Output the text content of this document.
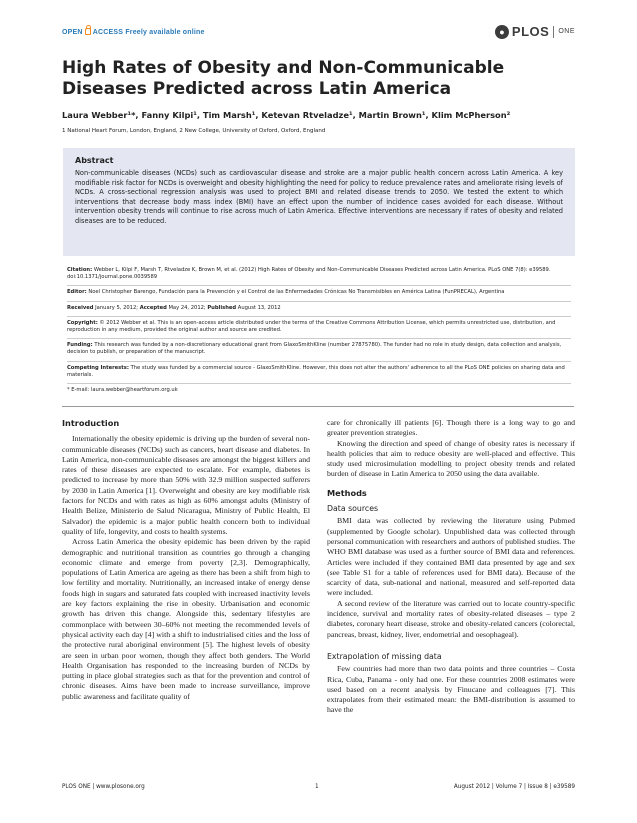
OPEN ACCESS Freely available online	● PLOS ONE
High Rates of Obesity and Non-Communicable Diseases Predicted across Latin America
Laura Webber¹*, Fanny Kilpi¹, Tim Marsh¹, Ketevan Rtveladze¹, Martin Brown¹, Klim McPherson²
1 National Heart Forum, London, England, 2 New College, University of Oxford, Oxford, England
Abstract

Non-communicable diseases (NCDs) such as cardiovascular disease and stroke are a major public health concern across Latin America. A key modifiable risk factor for NCDs is overweight and obesity highlighting the need for policy to reduce prevalence rates and ameliorate rising levels of NCDs. A cross-sectional regression analysis was used to project BMI and related disease trends to 2050. We tested the extent to which interventions that decrease body mass index (BMI) have an effect upon the number of incidence cases avoided for each disease. Without intervention obesity trends will continue to rise across much of Latin America. Effective interventions are necessary if rates of obesity and related diseases are to be reduced.

Citation: Webber L, Kilpi F, Marsh T, Rtveladze K, Brown M, et al. (2012) High Rates of Obesity and Non-Communicable Diseases Predicted across Latin America. PLoS ONE 7(8): e39589. doi:10.1371/journal.pone.0039589
Editor: Noel Christopher Barengo, Fundación para la Prevención y el Control de las Enfermedades Crónicas No Transmisibles en América Latina (FunPRECAL), Argentina
Received January 5, 2012; Accepted May 24, 2012; Published August 13, 2012
Copyright: © 2012 Webber et al. This is an open-access article distributed under the terms of the Creative Commons Attribution License, which permits unrestricted use, distribution, and reproduction in any medium, provided the original author and source are credited.
Funding: This research was funded by a non-discretionary educational grant from GlaxoSmithKline (number 27875780). The funder had no role in study design, data collection and analysis, decision to publish, or preparation of the manuscript.
Competing Interests: The study was funded by a commercial source - GlaxoSmithKline. However, this does not alter the authors' adherence to all the PLoS ONE policies on sharing data and materials.
* E-mail: laura.webber@heartforum.org.uk
Introduction

Internationally the obesity epidemic is driving up the burden of several non-communicable diseases (NCDs) such as cancers, heart disease and diabetes. In Latin America, non-communicable diseases are amongst the biggest killers and rates of these diseases are expected to escalate. For example, diabetes is predicted to increase by more than 50% with 32.9 million suspected sufferers by 2030 in Latin America [1]. Overweight and obesity are key modifiable risk factors for NCDs and with rates as high as 60% amongst adults (Ministry of Health Belize, Ministerio de Salud Nicaragua, Ministry of Public Health, El Salvador) the epidemic is a major public health concern both to individual quality of life, longevity, and costs to health systems.

Across Latin America the obesity epidemic has been driven by the rapid demographic and nutritional transition as countries go through a changing economic climate and emerge from poverty [2,3]. Demographically, populations of Latin America are ageing as there has been a shift from high to low fertility and mortality. Nutritionally, an increased intake of energy dense foods high in sugars and saturated fats coupled with increased inactivity levels are key factors explaining the rise in obesity. Urbanisation and economic growth has driven this change. Alongside this, sedentary lifestyles are commonplace with between 30–60% not meeting the recommended levels of physical activity each day [4] with a shift to industrialised cities and the loss of the protective rural aboriginal environment [5]. The highest levels of obesity are seen in urban poor women, though they affect both genders. The World Health Organisation has responded to the increasing burden of NCDs by putting in place global strategies such as that for the prevention and control of chronic diseases. Aims have been made to increase surveillance, improve public awareness and facilitate quality of

care for chronically ill patients [6]. Though there is a long way to go and greater prevention strategies.

Knowing the direction and speed of change of obesity rates is necessary if health policies that aim to reduce obesity are well-placed and effective. This study used microsimulation modelling to project obesity trends and related burden of disease in Latin America to 2050 using the data available.

Methods
Data sources

BMI data was collected by reviewing the literature using Pubmed (supplemented by Google scholar). Unpublished data was collected through personal communication with researchers and authors of published studies. The WHO BMI database was used as a further source of BMI data and references. Articles were included if they contained BMI data presented by age and sex (see Table S1 for a table of references used for BMI data). Because of the scarcity of data, sub-national and national, measured and self-reported data were included.

A second review of the literature was carried out to locate country-specific incidence, survival and mortality rates of obesity-related diseases – type 2 diabetes, coronary heart disease, stroke and obesity-related cancers (colorectal, pancreas, breast, kidney, liver, endometrial and oesophageal).

Extrapolation of missing data

Few countries had more than two data points and three countries – Costa Rica, Cuba, Panama - only had one. For these countries 2008 estimates were used based on a recent analysis by Finucane and colleagues [7]. This extrapolates from their estimated mean: the BMI-distribution is assumed to have the

PLOS ONE | www.plosone.org	1	August 2012 | Volume 7 | Issue 8 | e39589
